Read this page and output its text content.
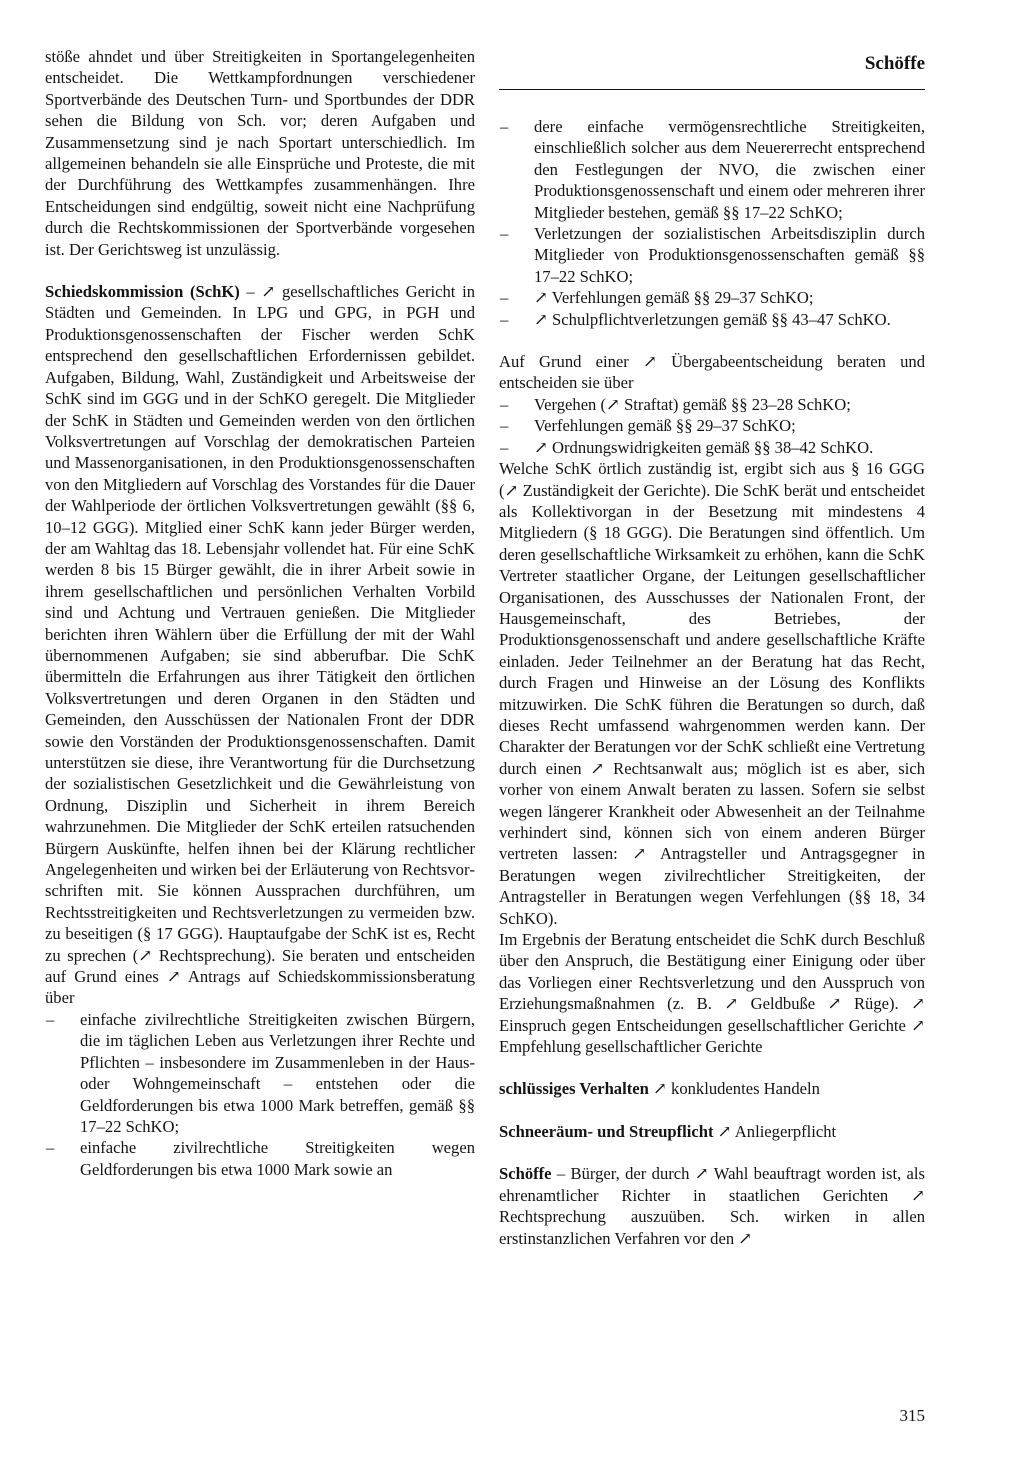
stöße ahndet und über Streitigkeiten in Sportangelegenheiten entscheidet. Die Wettkampfordnungen verschiedener Sportverbände des Deutschen Turn- und Sportbundes der DDR sehen die Bildung von Sch. vor; deren Aufgaben und Zusammensetzung sind je nach Sportart unterschiedlich. Im allgemeinen behandeln sie alle Einsprüche und Proteste, die mit der Durchführung des Wettkampfes zusammenhängen. Ihre Entscheidungen sind endgültig, soweit nicht eine Nachprüfung durch die Rechtskommissionen der Sportverbände vorgesehen ist. Der Gerichtsweg ist unzulässig.

Schiedskommission (SchK) – ↗ gesellschaftliches Gericht in Städten und Gemeinden. In LPG und GPG, in PGH und Produktionsgenossenschaften der Fischer werden SchK entsprechend den gesellschaftlichen Erfordernissen gebildet. Aufgaben, Bildung, Wahl, Zuständigkeit und Arbeitsweise der SchK sind im GGG und in der SchKO geregelt. Die Mitglieder der SchK in Städten und Gemeinden werden von den örtlichen Volksvertretungen auf Vorschlag der demokratischen Parteien und Massenorganisationen, in den Produktionsgenossenschaften von den Mitgliedern auf Vorschlag des Vorstandes für die Dauer der Wahlperiode der örtlichen Volksvertretungen gewählt (§§ 6, 10–12 GGG). Mitglied einer SchK kann jeder Bürger werden, der am Wahltag das 18. Lebensjahr vollendet hat. Für eine SchK werden 8 bis 15 Bürger gewählt, die in ihrer Arbeit sowie in ihrem gesellschaftlichen und persönlichen Verhalten Vorbild sind und Achtung und Vertrauen genießen. Die Mitglieder berichten ihren Wählern über die Erfüllung der mit der Wahl übernommenen Aufgaben; sie sind abberufbar. Die SchK übermitteln die Erfahrungen aus ihrer Tätigkeit den örtlichen Volksvertretungen und deren Organen in den Städten und Gemeinden, den Ausschüssen der Nationalen Front der DDR sowie den Vorständen der Produktionsgenossenschaften. Damit unterstützen sie diese, ihre Verantwortung für die Durchsetzung der sozialistischen Gesetzlichkeit und die Gewährleistung von Ordnung, Disziplin und Sicherheit in ihrem Bereich wahrzunehmen. Die Mitglieder der SchK erteilen ratsuchenden Bürgern Auskünfte, helfen ihnen bei der Klärung rechtlicher Angelegenheiten und wirken bei der Erläuterung von Rechtsvorschriften mit. Sie können Aussprachen durchführen, um Rechtsstreitigkeiten und Rechtsverletzungen zu vermeiden bzw. zu beseitigen (§ 17 GGG). Hauptaufgabe der SchK ist es, Recht zu sprechen (↗ Rechtsprechung). Sie beraten und entscheiden auf Grund eines ↗ Antrags auf Schiedskommissionsberatung über

– einfache zivilrechtliche Streitigkeiten zwischen Bürgern, die im täglichen Leben aus Verletzungen ihrer Rechte und Pflichten – insbesondere im Zusammenleben in der Haus- oder Wohngemeinschaft – entstehen oder die Geldforderungen bis etwa 1000 Mark betreffen, gemäß §§ 17–22 SchKO;
– einfache zivilrechtliche Streitigkeiten wegen Geldforderungen bis etwa 1000 Mark sowie an
Schöffe
– dere einfache vermögensrechtliche Streitigkeiten, einschließlich solcher aus dem Neuererrecht entsprechend den Festlegungen der NVO, die zwischen einer Produktionsgenossenschaft und einem oder mehreren ihrer Mitglieder bestehen, gemäß §§ 17–22 SchKO;
– Verletzungen der sozialistischen Arbeitsdisziplin durch Mitglieder von Produktionsgenossenschaften gemäß §§ 17–22 SchKO;
– ↗ Verfehlungen gemäß §§ 29–37 SchKO;
– ↗ Schulpflichtverletzungen gemäß §§ 43–47 SchKO.

Auf Grund einer ↗ Übergabeentscheidung beraten und entscheiden sie über

– Vergehen (↗ Straftat) gemäß §§ 23–28 SchKO;
– Verfehlungen gemäß §§ 29–37 SchKO;
– ↗ Ordnungswidrigkeiten gemäß §§ 38–42 SchKO.

Welche SchK örtlich zuständig ist, ergibt sich aus § 16 GGG (↗ Zuständigkeit der Gerichte). Die SchK berät und entscheidet als Kollektivorgan in der Besetzung mit mindestens 4 Mitgliedern (§ 18 GGG). Die Beratungen sind öffentlich. Um deren gesellschaftliche Wirksamkeit zu erhöhen, kann die SchK Vertreter staatlicher Organe, der Leitungen gesellschaftlicher Organisationen, des Ausschusses der Nationalen Front, der Hausgemeinschaft, des Betriebes, der Produktionsgenossenschaft und andere gesellschaftliche Kräfte einladen. Jeder Teilnehmer an der Beratung hat das Recht, durch Fragen und Hinweise an der Lösung des Konflikts mitzuwirken. Die SchK führen die Beratungen so durch, daß dieses Recht umfassend wahrgenommen werden kann. Der Charakter der Beratungen vor der SchK schließt eine Vertretung durch einen ↗ Rechtsanwalt aus; möglich ist es aber, sich vorher von einem Anwalt beraten zu lassen. Sofern sie selbst wegen längerer Krankheit oder Abwesenheit an der Teilnahme verhindert sind, können sich von einem anderen Bürger vertreten lassen: ↗ Antragsteller und Antragsgegner in Beratungen wegen zivilrechtlicher Streitigkeiten, der Antragsteller in Beratungen wegen Verfehlungen (§§ 18, 34 SchKO).

Im Ergebnis der Beratung entscheidet die SchK durch Beschluß über den Anspruch, die Bestätigung einer Einigung oder über das Vorliegen einer Rechtsverletzung und den Ausspruch von Erziehungsmaßnahmen (z. B. ↗ Geldbuße ↗ Rüge). ↗ Einspruch gegen Entscheidungen gesellschaftlicher Gerichte ↗ Empfehlung gesellschaftlicher Gerichte

schlüssiges Verhalten ↗ konkludentes Handeln

Schneeräum- und Streupflicht ↗ Anliegerpflicht

Schöffe – Bürger, der durch ↗ Wahl beauftragt worden ist, als ehrenamtlicher Richter in staatlichen Gerichten ↗ Rechtsprechung auszuüben. Sch. wirken in allen erstinstanzlichen Verfahren vor den ↗

315
